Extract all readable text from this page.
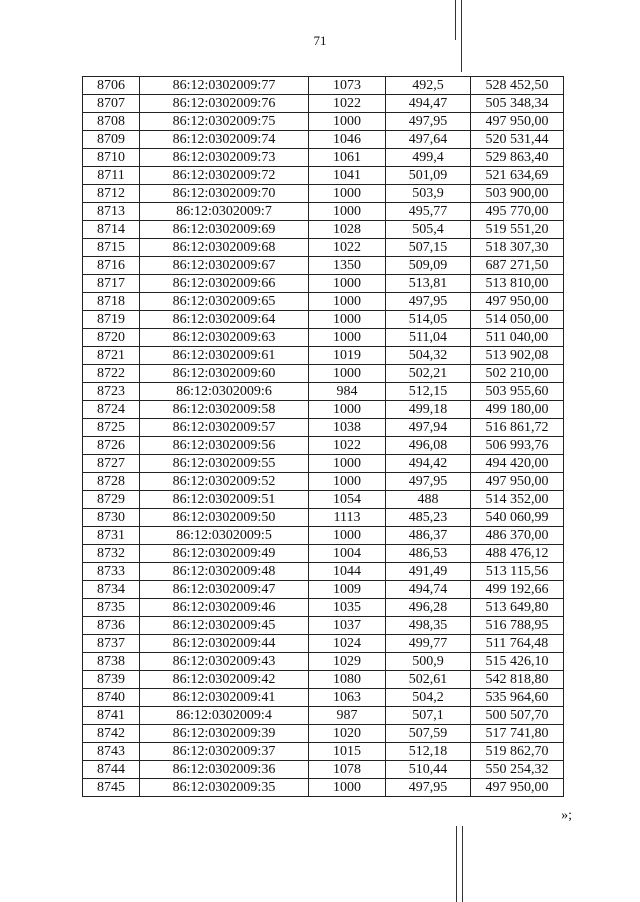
71
8706	86:12:0302009:77	1073	492,5	528 452,50
8707	86:12:0302009:76	1022	494,47	505 348,34
8708	86:12:0302009:75	1000	497,95	497 950,00
8709	86:12:0302009:74	1046	497,64	520 531,44
8710	86:12:0302009:73	1061	499,4	529 863,40
8711	86:12:0302009:72	1041	501,09	521 634,69
8712	86:12:0302009:70	1000	503,9	503 900,00
8713	86:12:0302009:7	1000	495,77	495 770,00
8714	86:12:0302009:69	1028	505,4	519 551,20
8715	86:12:0302009:68	1022	507,15	518 307,30
8716	86:12:0302009:67	1350	509,09	687 271,50
8717	86:12:0302009:66	1000	513,81	513 810,00
8718	86:12:0302009:65	1000	497,95	497 950,00
8719	86:12:0302009:64	1000	514,05	514 050,00
8720	86:12:0302009:63	1000	511,04	511 040,00
8721	86:12:0302009:61	1019	504,32	513 902,08
8722	86:12:0302009:60	1000	502,21	502 210,00
8723	86:12:0302009:6	984	512,15	503 955,60
8724	86:12:0302009:58	1000	499,18	499 180,00
8725	86:12:0302009:57	1038	497,94	516 861,72
8726	86:12:0302009:56	1022	496,08	506 993,76
8727	86:12:0302009:55	1000	494,42	494 420,00
8728	86:12:0302009:52	1000	497,95	497 950,00
8729	86:12:0302009:51	1054	488	514 352,00
8730	86:12:0302009:50	1113	485,23	540 060,99
8731	86:12:0302009:5	1000	486,37	486 370,00
8732	86:12:0302009:49	1004	486,53	488 476,12
8733	86:12:0302009:48	1044	491,49	513 115,56
8734	86:12:0302009:47	1009	494,74	499 192,66
8735	86:12:0302009:46	1035	496,28	513 649,80
8736	86:12:0302009:45	1037	498,35	516 788,95
8737	86:12:0302009:44	1024	499,77	511 764,48
8738	86:12:0302009:43	1029	500,9	515 426,10
8739	86:12:0302009:42	1080	502,61	542 818,80
8740	86:12:0302009:41	1063	504,2	535 964,60
8741	86:12:0302009:4	987	507,1	500 507,70
8742	86:12:0302009:39	1020	507,59	517 741,80
8743	86:12:0302009:37	1015	512,18	519 862,70
8744	86:12:0302009:36	1078	510,44	550 254,32
8745	86:12:0302009:35	1000	497,95	497 950,00
»;
